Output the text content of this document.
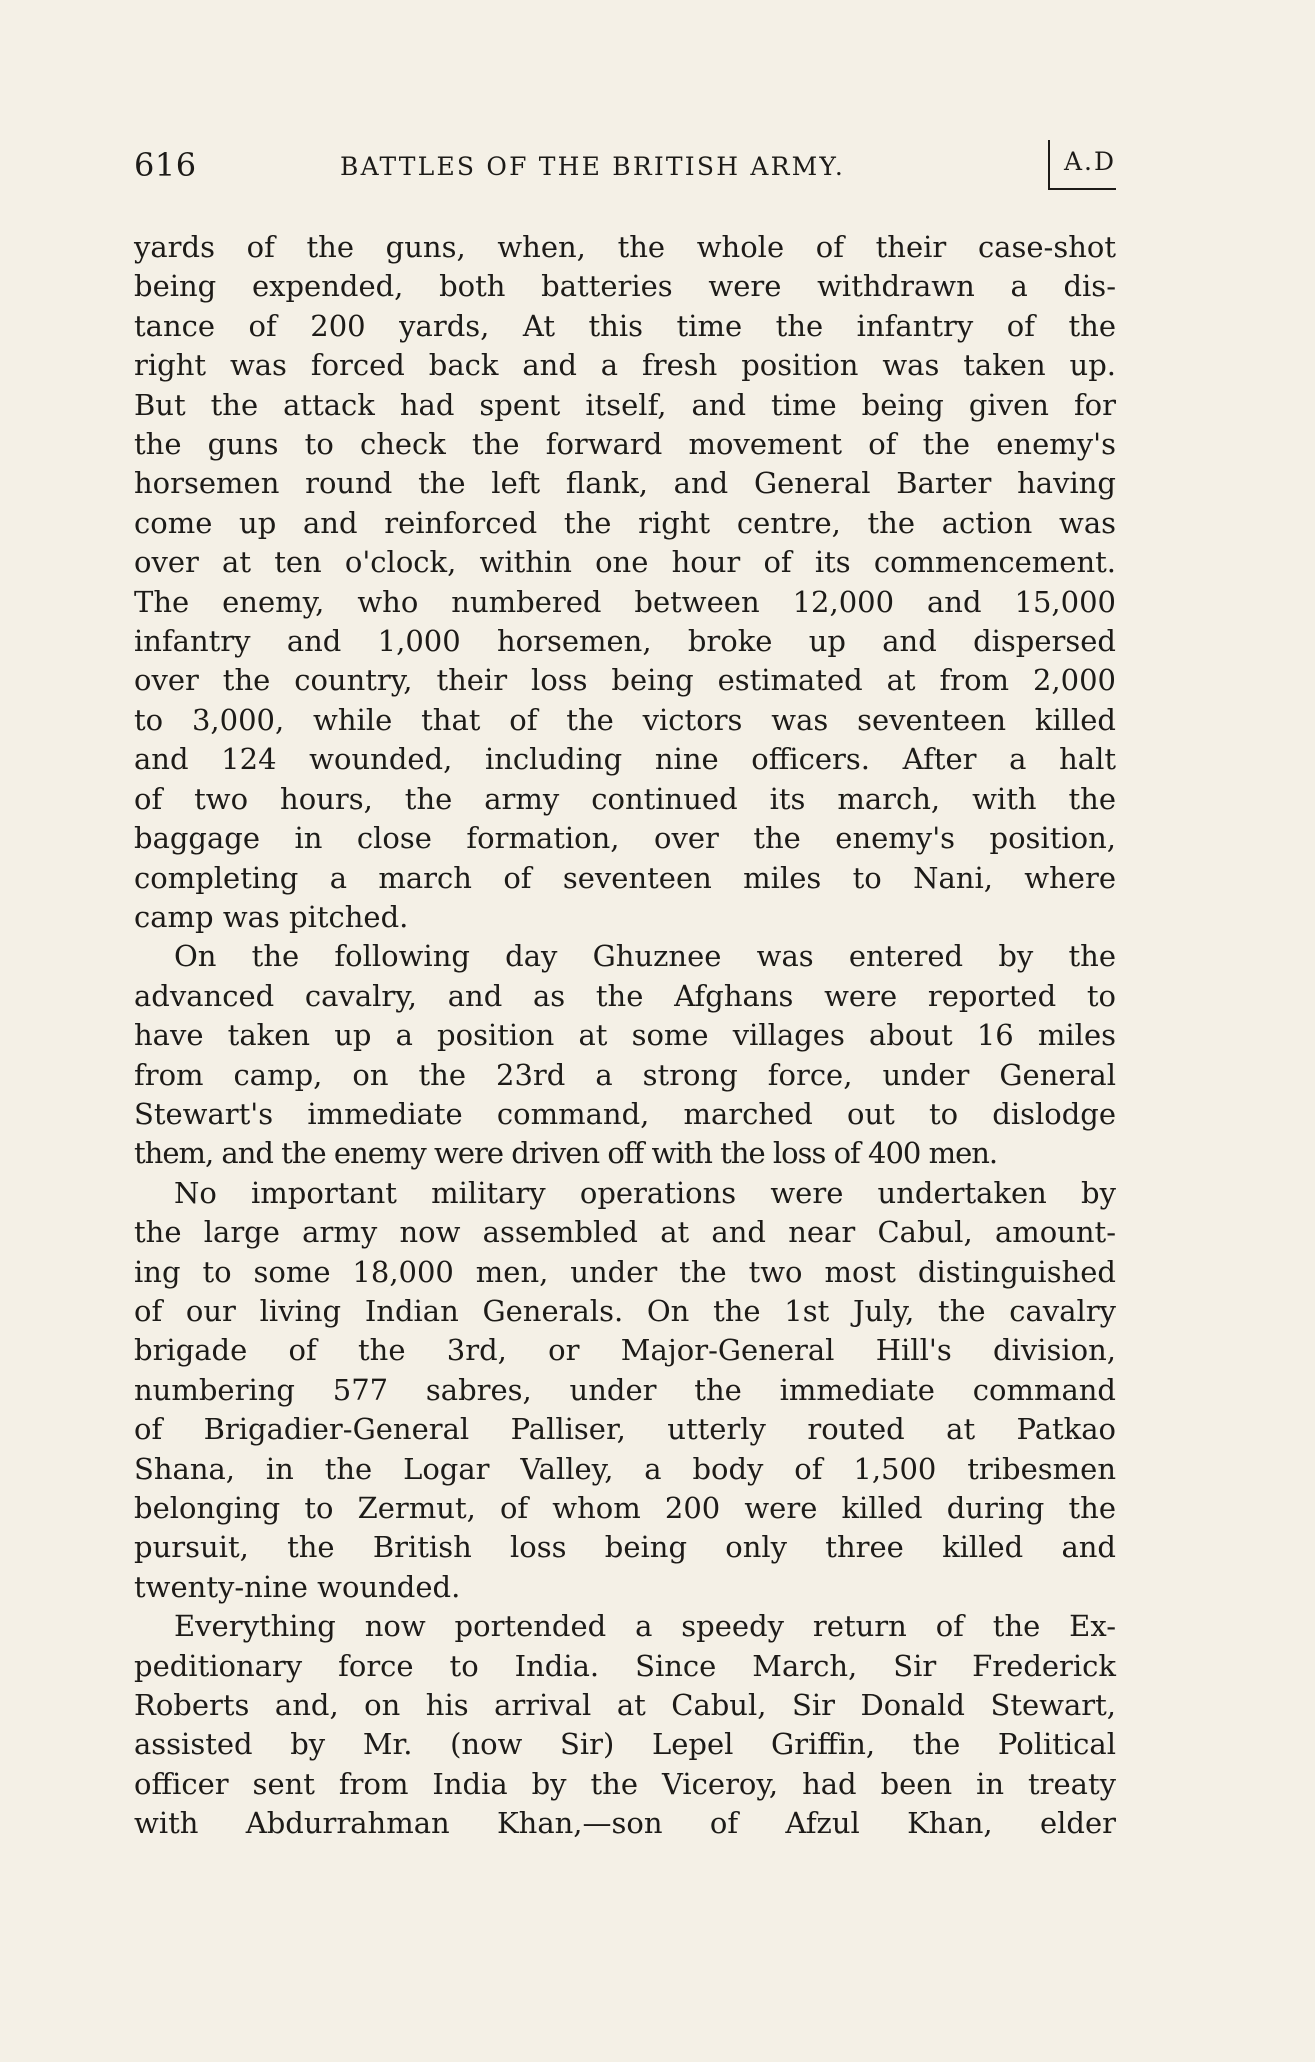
616	BATTLES OF THE BRITISH ARMY.	A.D

yards of the guns, when, the whole of their case-shot
being expended, both batteries were withdrawn a dis-
tance of 200 yards, At this time the infantry of the
right was forced back and a fresh position was taken up.
But the attack had spent itself, and time being given for
the guns to check the forward movement of the enemy's
horsemen round the left flank, and General Barter having
come up and reinforced the right centre, the action was
over at ten o'clock, within one hour of its commencement.
The enemy, who numbered between 12,000 and 15,000
infantry and 1,000 horsemen, broke up and dispersed
over the country, their loss being estimated at from 2,000
to 3,000, while that of the victors was seventeen killed
and 124 wounded, including nine officers. After a halt
of two hours, the army continued its march, with the
baggage in close formation, over the enemy's position,
completing a march of seventeen miles to Nani, where
camp was pitched.

On the following day Ghuznee was entered by the
advanced cavalry, and as the Afghans were reported to
have taken up a position at some villages about 16 miles
from camp, on the 23rd a strong force, under General
Stewart's immediate command, marched out to dislodge
them, and the enemy were driven off with the loss of 400 men.

No important military operations were undertaken by
the large army now assembled at and near Cabul, amount-
ing to some 18,000 men, under the two most distinguished
of our living Indian Generals. On the 1st July, the cavalry
brigade of the 3rd, or Major-General Hill's division,
numbering 577 sabres, under the immediate command
of Brigadier-General Palliser, utterly routed at Patkao
Shana, in the Logar Valley, a body of 1,500 tribesmen
belonging to Zermut, of whom 200 were killed during the
pursuit, the British loss being only three killed and
twenty-nine wounded.

Everything now portended a speedy return of the Ex-
peditionary force to India. Since March, Sir Frederick
Roberts and, on his arrival at Cabul, Sir Donald Stewart,
assisted by Mr. (now Sir) Lepel Griffin, the Political
officer sent from India by the Viceroy, had been in treaty
with Abdurrahman Khan,—son of Afzul Khan, elder
